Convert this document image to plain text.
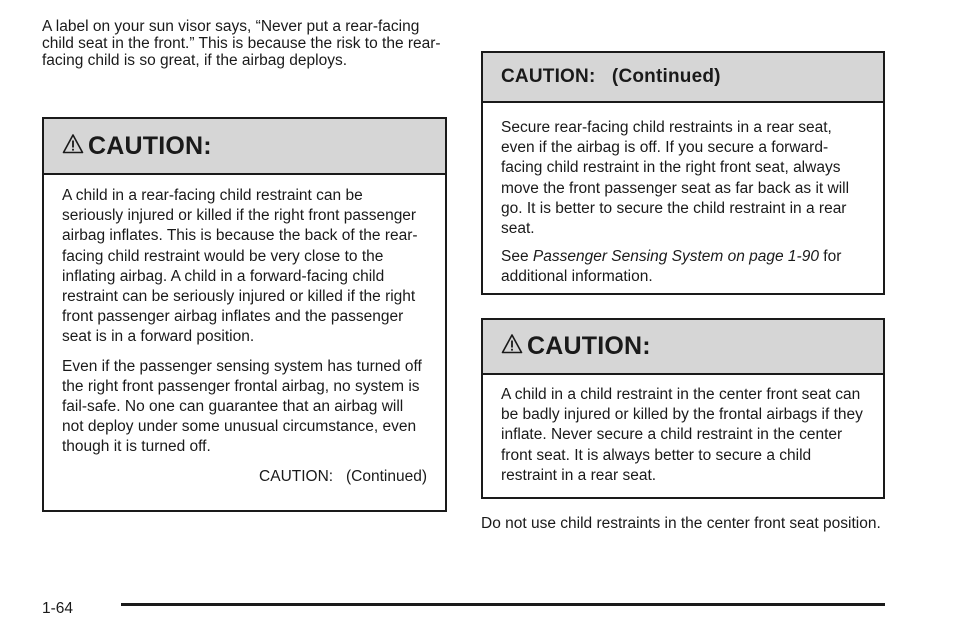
A label on your sun visor says, “Never put a rear-facing child seat in the front.” This is because the risk to the rear-facing child is so great, if the airbag deploys.

CAUTION:

A child in a rear-facing child restraint can be seriously injured or killed if the right front passenger airbag inflates. This is because the back of the rear-facing child restraint would be very close to the inflating airbag. A child in a forward-facing child restraint can be seriously injured or killed if the right front passenger airbag inflates and the passenger seat is in a forward position.

Even if the passenger sensing system has turned off the right front passenger frontal airbag, no system is fail-safe. No one can guarantee that an airbag will not deploy under some unusual circumstance, even though it is turned off.

CAUTION:   (Continued)

CAUTION:   (Continued)

Secure rear-facing child restraints in a rear seat, even if the airbag is off. If you secure a forward-facing child restraint in the right front seat, always move the front passenger seat as far back as it will go. It is better to secure the child restraint in a rear seat.

See Passenger Sensing System on page 1-90 for additional information.

CAUTION:

A child in a child restraint in the center front seat can be badly injured or killed by the frontal airbags if they inflate. Never secure a child restraint in the center front seat. It is always better to secure a child restraint in a rear seat.

Do not use child restraints in the center front seat position.

1-64
